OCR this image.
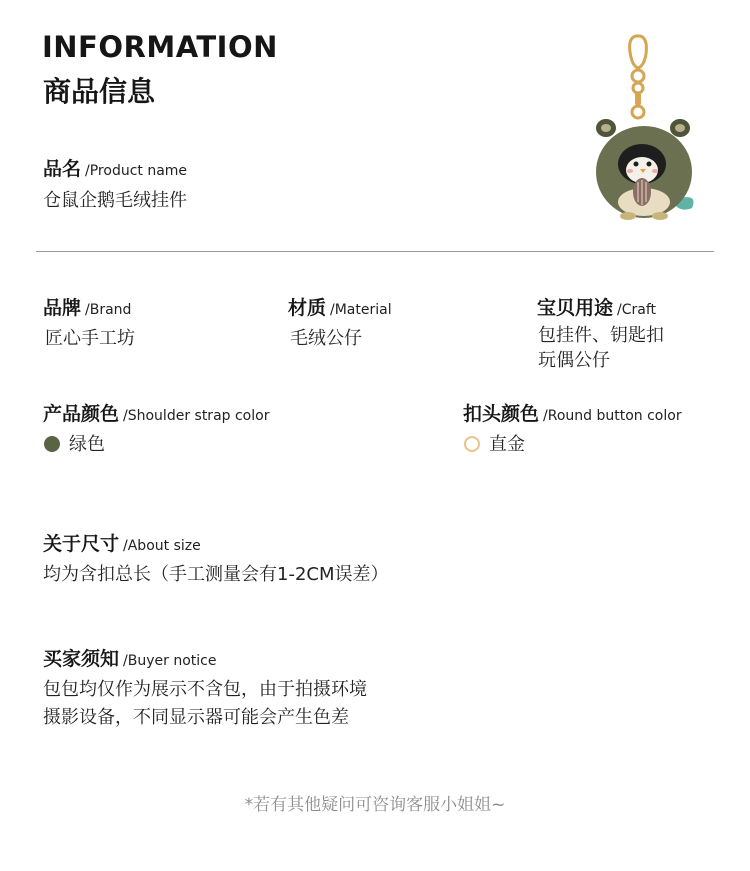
INFORMATION
商品信息
品名 /Product name
仓鼠企鹅毛绒挂件
品牌 /Brand
匠心手工坊
材质 /Material
毛绒公仔
宝贝用途 /Craft
包挂件、钥匙扣
玩偶公仔
产品颜色 /Shoulder strap color
绿色
扣头颜色 /Round button color
直金
关于尺寸 /About size
均为含扣总长（手工测量会有1-2CM误差）
买家须知 /Buyer notice
包包均仅作为展示不含包，由于拍摄环境
摄影设备，不同显示器可能会产生色差
*若有其他疑问可咨询客服小姐姐~
